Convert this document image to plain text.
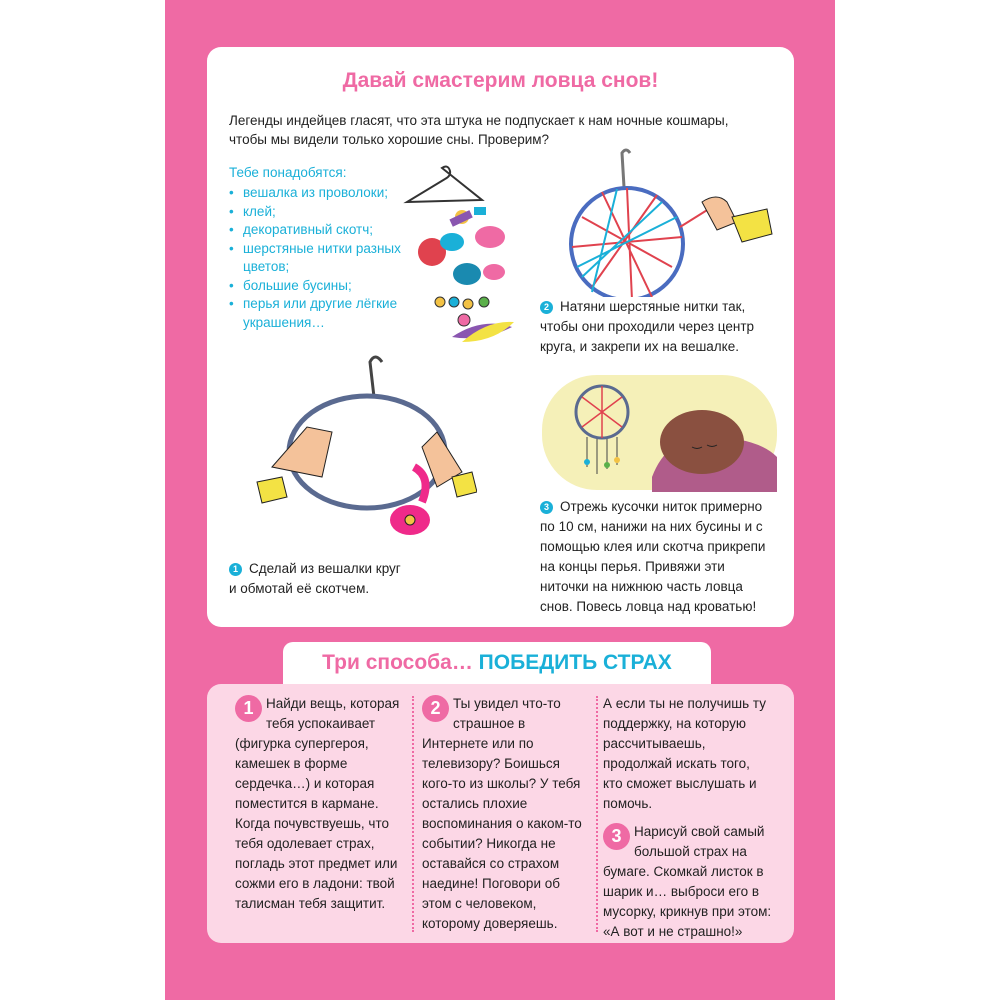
Давай смастерим ловца снов!
Легенды индейцев гласят, что эта штука не подпускает к нам ночные кошмары, чтобы мы видели только хорошие сны. Проверим?
Тебе понадобятся:
• вешалка из проволоки;
• клей;
• декоративный скотч;
• шерстяные нитки разных цветов;
• большие бусины;
• перья или другие лёгкие украшения…
2 Натяни шерстяные нитки так, чтобы они проходили через центр круга, и закрепи их на вешалке.
1 Сделай из вешалки круг и обмотай её скотчем.
3 Отрежь кусочки ниток примерно по 10 см, нанижи на них бусины и с помощью клея или скотча прикрепи на концы перья. Привяжи эти ниточки на нижнюю часть ловца снов. Повесь ловца над кроватью!
Три способа… ПОБЕДИТЬ СТРАХ

1 Найди вещь, которая тебя успокаивает (фигурка супергероя, камешек в форме сердечка…) и которая поместится в кармане. Когда почувствуешь, что тебя одолевает страх, погладь этот предмет или сожми его в ладони: твой талисман тебя защитит.

2 Ты увидел что-то страшное в Интернете или по телевизору? Боишься кого-то из школы? У тебя остались плохие воспоминания о каком-то событии? Никогда не оставайся со страхом наедине! Поговори об этом с человеком, которому доверяешь.

А если ты не получишь ту поддержку, на которую рассчитываешь, продолжай искать того, кто сможет выслушать и помочь.

3 Нарисуй свой самый большой страх на бумаге. Скомкай листок в шарик и… выброси его в мусорку, крикнув при этом: «А вот и не страшно!»
